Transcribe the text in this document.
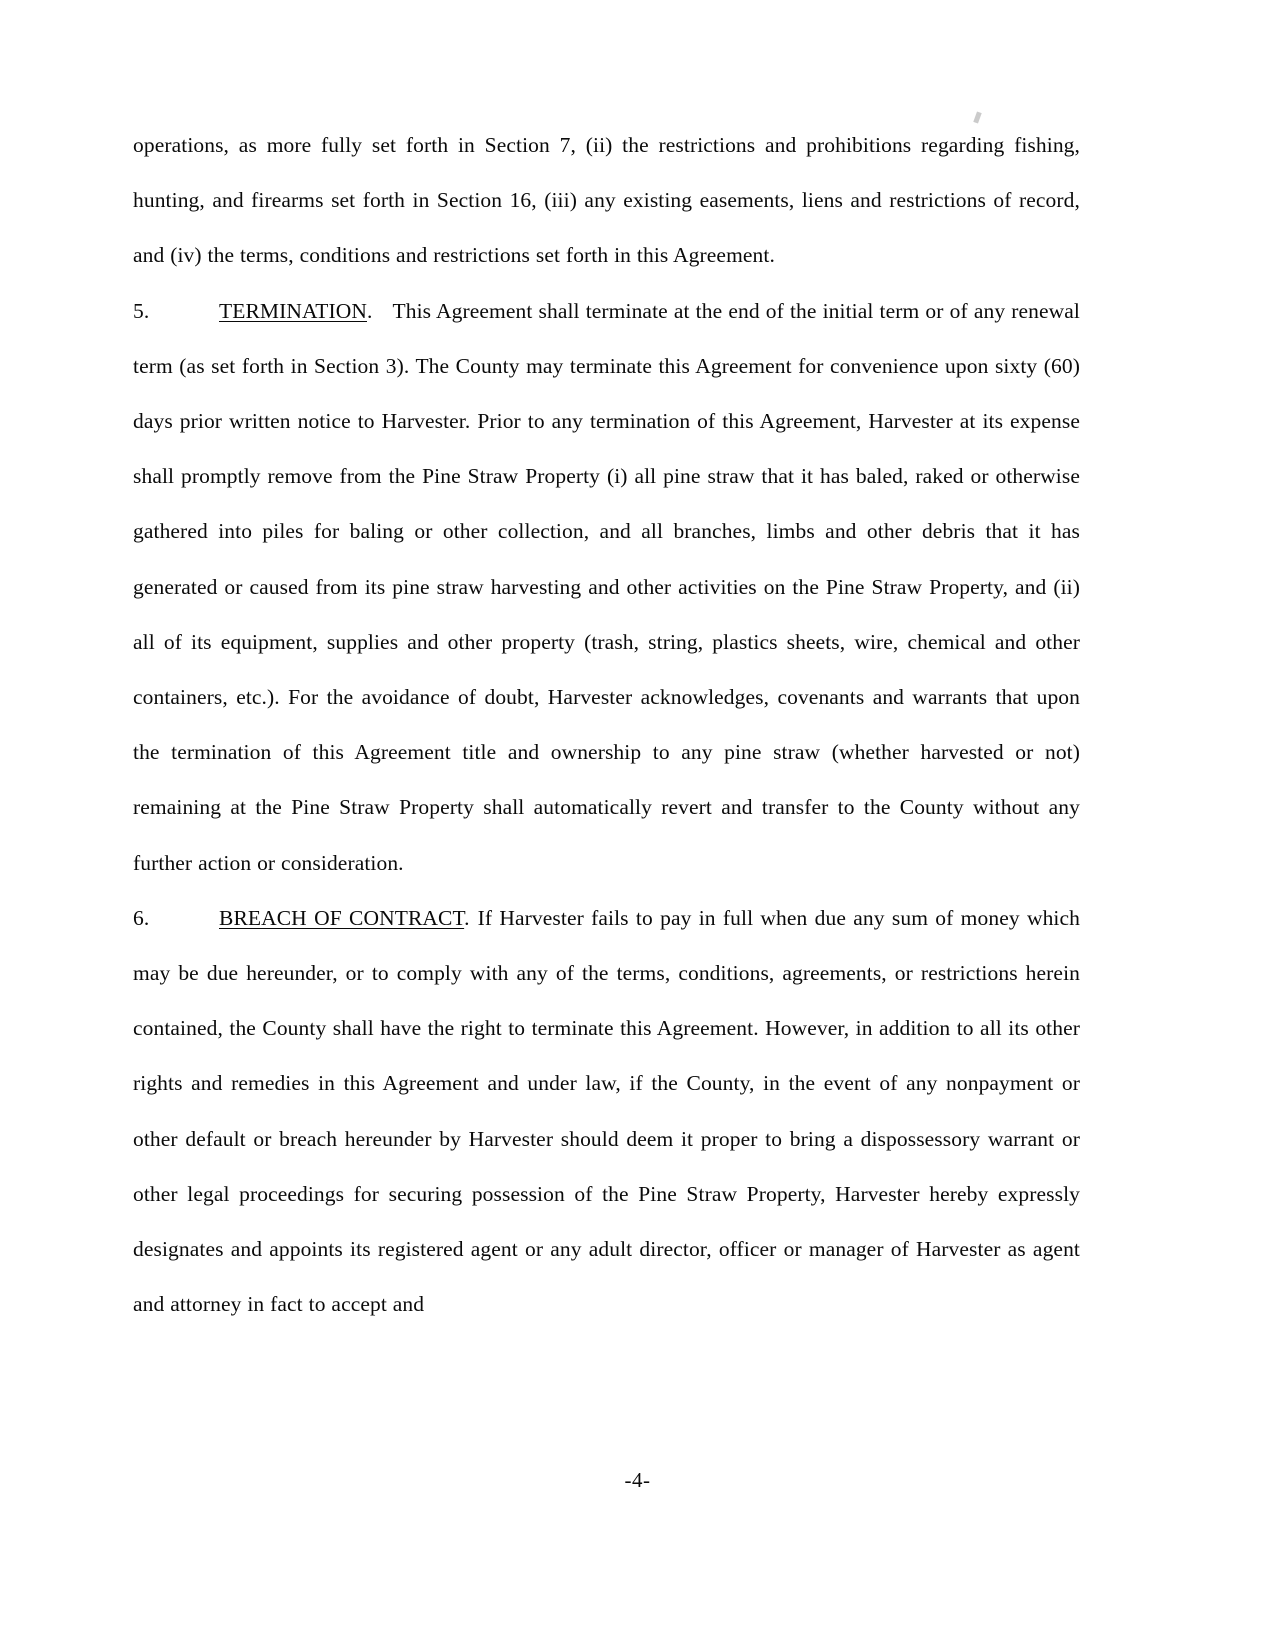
operations, as more fully set forth in Section 7, (ii) the restrictions and prohibitions regarding fishing, hunting, and firearms set forth in Section 16, (iii) any existing easements, liens and restrictions of record, and (iv) the terms, conditions and restrictions set forth in this Agreement.

5.	TERMINATION. This Agreement shall terminate at the end of the initial term or of any renewal term (as set forth in Section 3). The County may terminate this Agreement for convenience upon sixty (60) days prior written notice to Harvester. Prior to any termination of this Agreement, Harvester at its expense shall promptly remove from the Pine Straw Property (i) all pine straw that it has baled, raked or otherwise gathered into piles for baling or other collection, and all branches, limbs and other debris that it has generated or caused from its pine straw harvesting and other activities on the Pine Straw Property, and (ii) all of its equipment, supplies and other property (trash, string, plastics sheets, wire, chemical and other containers, etc.). For the avoidance of doubt, Harvester acknowledges, covenants and warrants that upon the termination of this Agreement title and ownership to any pine straw (whether harvested or not) remaining at the Pine Straw Property shall automatically revert and transfer to the County without any further action or consideration.

6.	BREACH OF CONTRACT. If Harvester fails to pay in full when due any sum of money which may be due hereunder, or to comply with any of the terms, conditions, agreements, or restrictions herein contained, the County shall have the right to terminate this Agreement. However, in addition to all its other rights and remedies in this Agreement and under law, if the County, in the event of any nonpayment or other default or breach hereunder by Harvester should deem it proper to bring a dispossessory warrant or other legal proceedings for securing possession of the Pine Straw Property, Harvester hereby expressly designates and appoints its registered agent or any adult director, officer or manager of Harvester as agent and attorney in fact to accept and

-4-
